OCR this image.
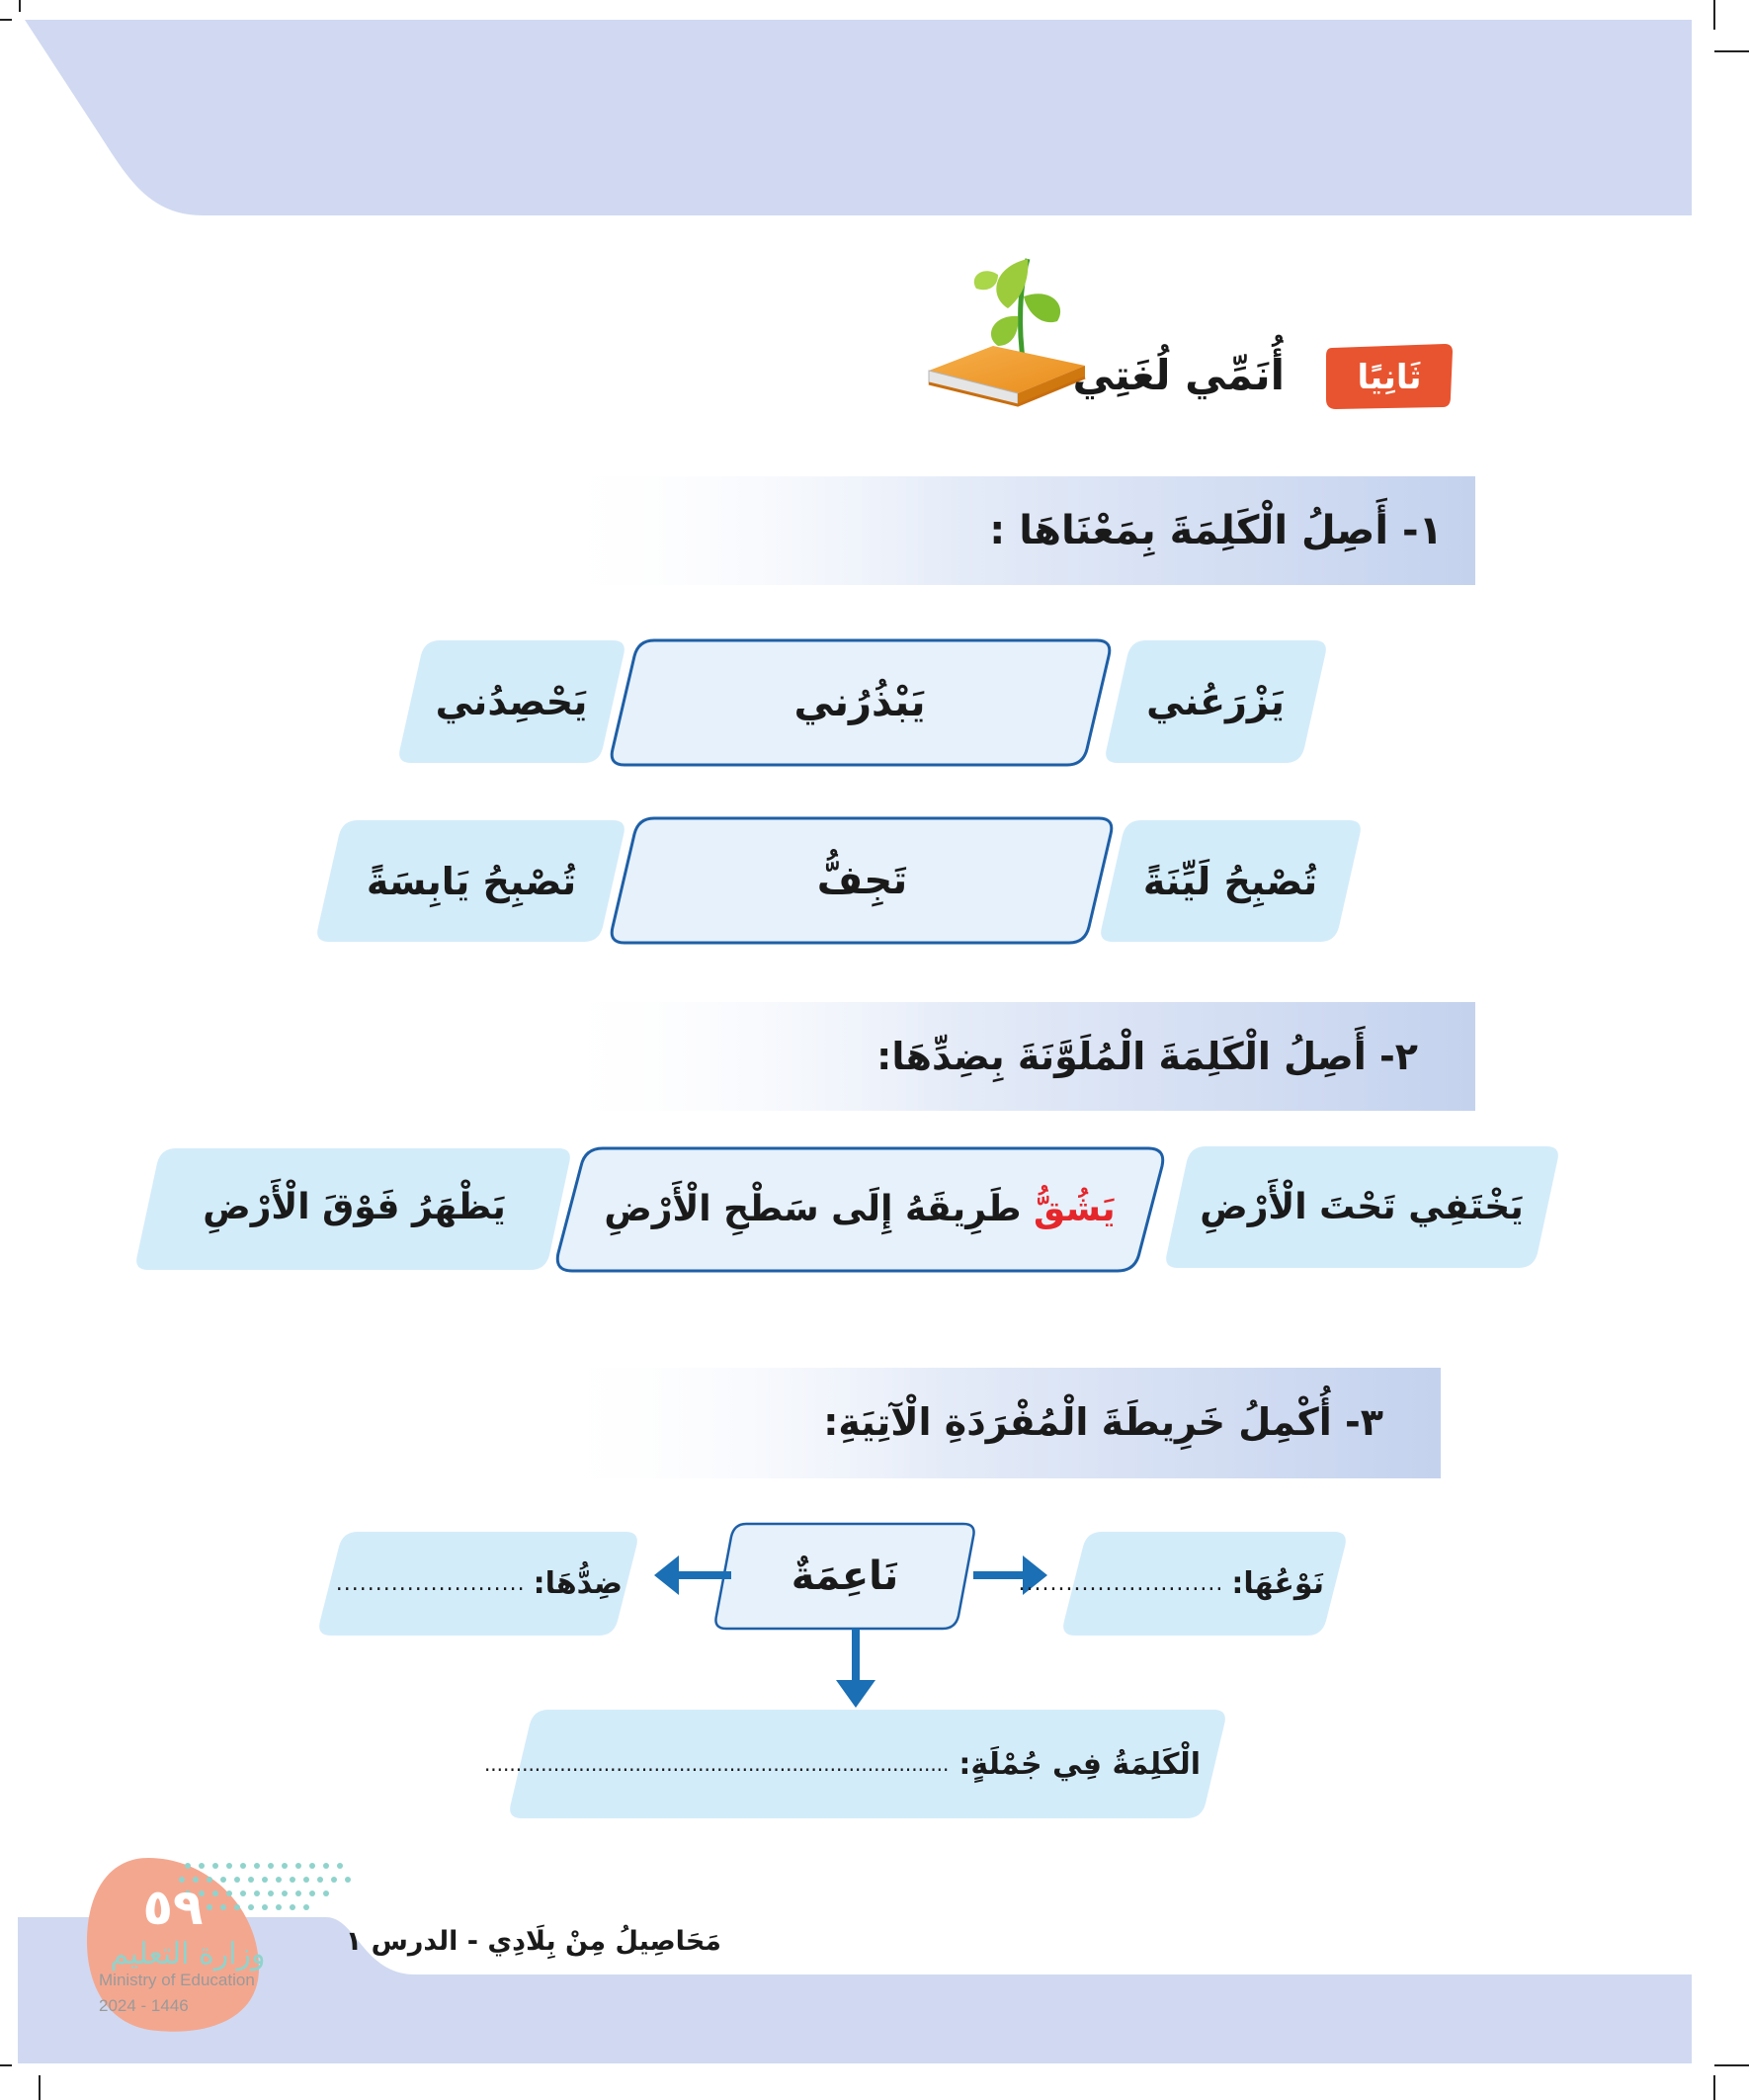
ثَانِيًا
أُنَمِّي لُغَتِي
١- أَصِلُ الْكَلِمَةَ بِمَعْنَاهَا :
يَزْرَعُني
يَبْذُرُني
يَحْصِدُني
تُصْبِحُ لَيِّنَةً
تَجِفُّ
تُصْبِحُ يَابِسَةً
٢- أَصِلُ الْكَلِمَةَ الْمُلَوَّنَةَ بِضِدِّهَا:
يَخْتَفِي تَحْتَ الْأَرْضِ
يَشُقُّ طَرِيقَهُ إِلَى سَطْحِ الْأَرْضِ
يَظْهَرُ فَوْقَ الْأَرْضِ
٣- أُكْمِلُ خَرِيطَةَ الْمُفْرَدَةِ الْآتِيَةِ:
نَاعِمَةٌ	نَوْعُهَا:
..........................
ضِدُّهَا:
........................
الْكَلِمَةُ فِي جُمْلَةٍ:
..........................................................................
٥٩
وزارة التعليم
Ministry of Education
2024 - 1446
مَحَاصِيلُ مِنْ بِلَادِي - الدرس ١
